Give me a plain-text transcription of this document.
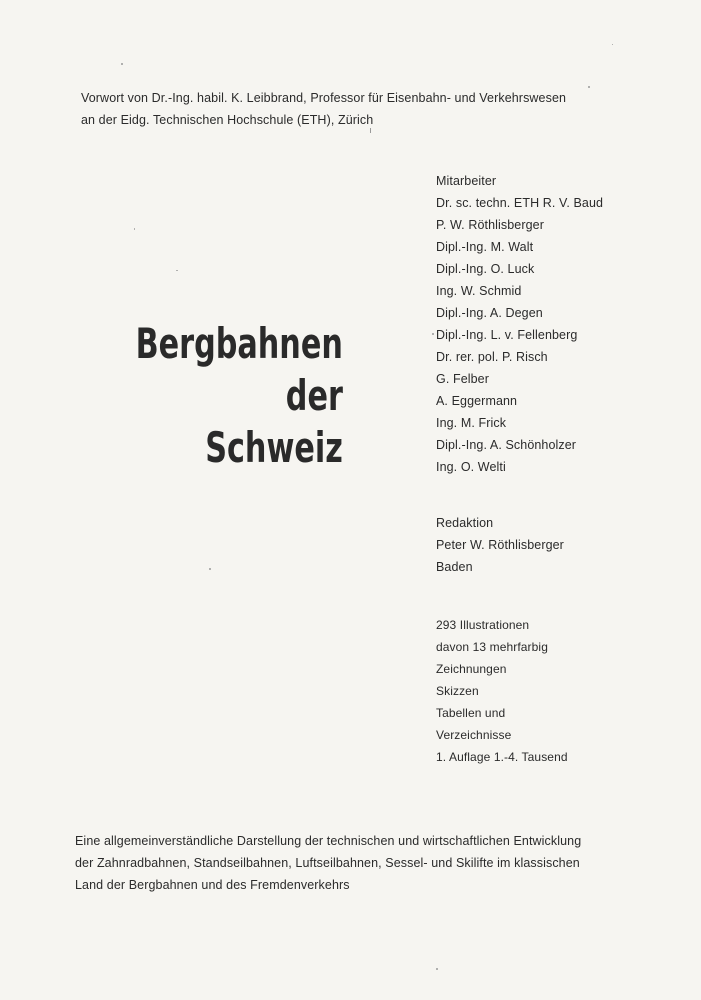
Vorwort von Dr.-Ing. habil. K. Leibbrand, Professor für Eisenbahn- und Verkehrswesen
an der Eidg. Technischen Hochschule (ETH), Zürich
Bergbahnen
der
Schweiz
Mitarbeiter
Dr. sc. techn. ETH R. V. Baud
P. W. Röthlisberger
Dipl.-Ing. M. Walt
Dipl.-Ing. O. Luck
Ing. W. Schmid
Dipl.-Ing. A. Degen
Dipl.-Ing. L. v. Fellenberg
Dr. rer. pol. P. Risch
G. Felber
A. Eggermann
Ing. M. Frick
Dipl.-Ing. A. Schönholzer
Ing. O. Welti
Redaktion
Peter W. Röthlisberger
Baden
293 Illustrationen
davon 13 mehrfarbig
Zeichnungen
Skizzen
Tabellen und
Verzeichnisse
1. Auflage 1.-4. Tausend
Eine allgemeinverständliche Darstellung der technischen und wirtschaftlichen Entwicklung
der Zahnradbahnen, Standseilbahnen, Luftseilbahnen, Sessel- und Skilifte im klassischen
Land der Bergbahnen und des Fremdenverkehrs
